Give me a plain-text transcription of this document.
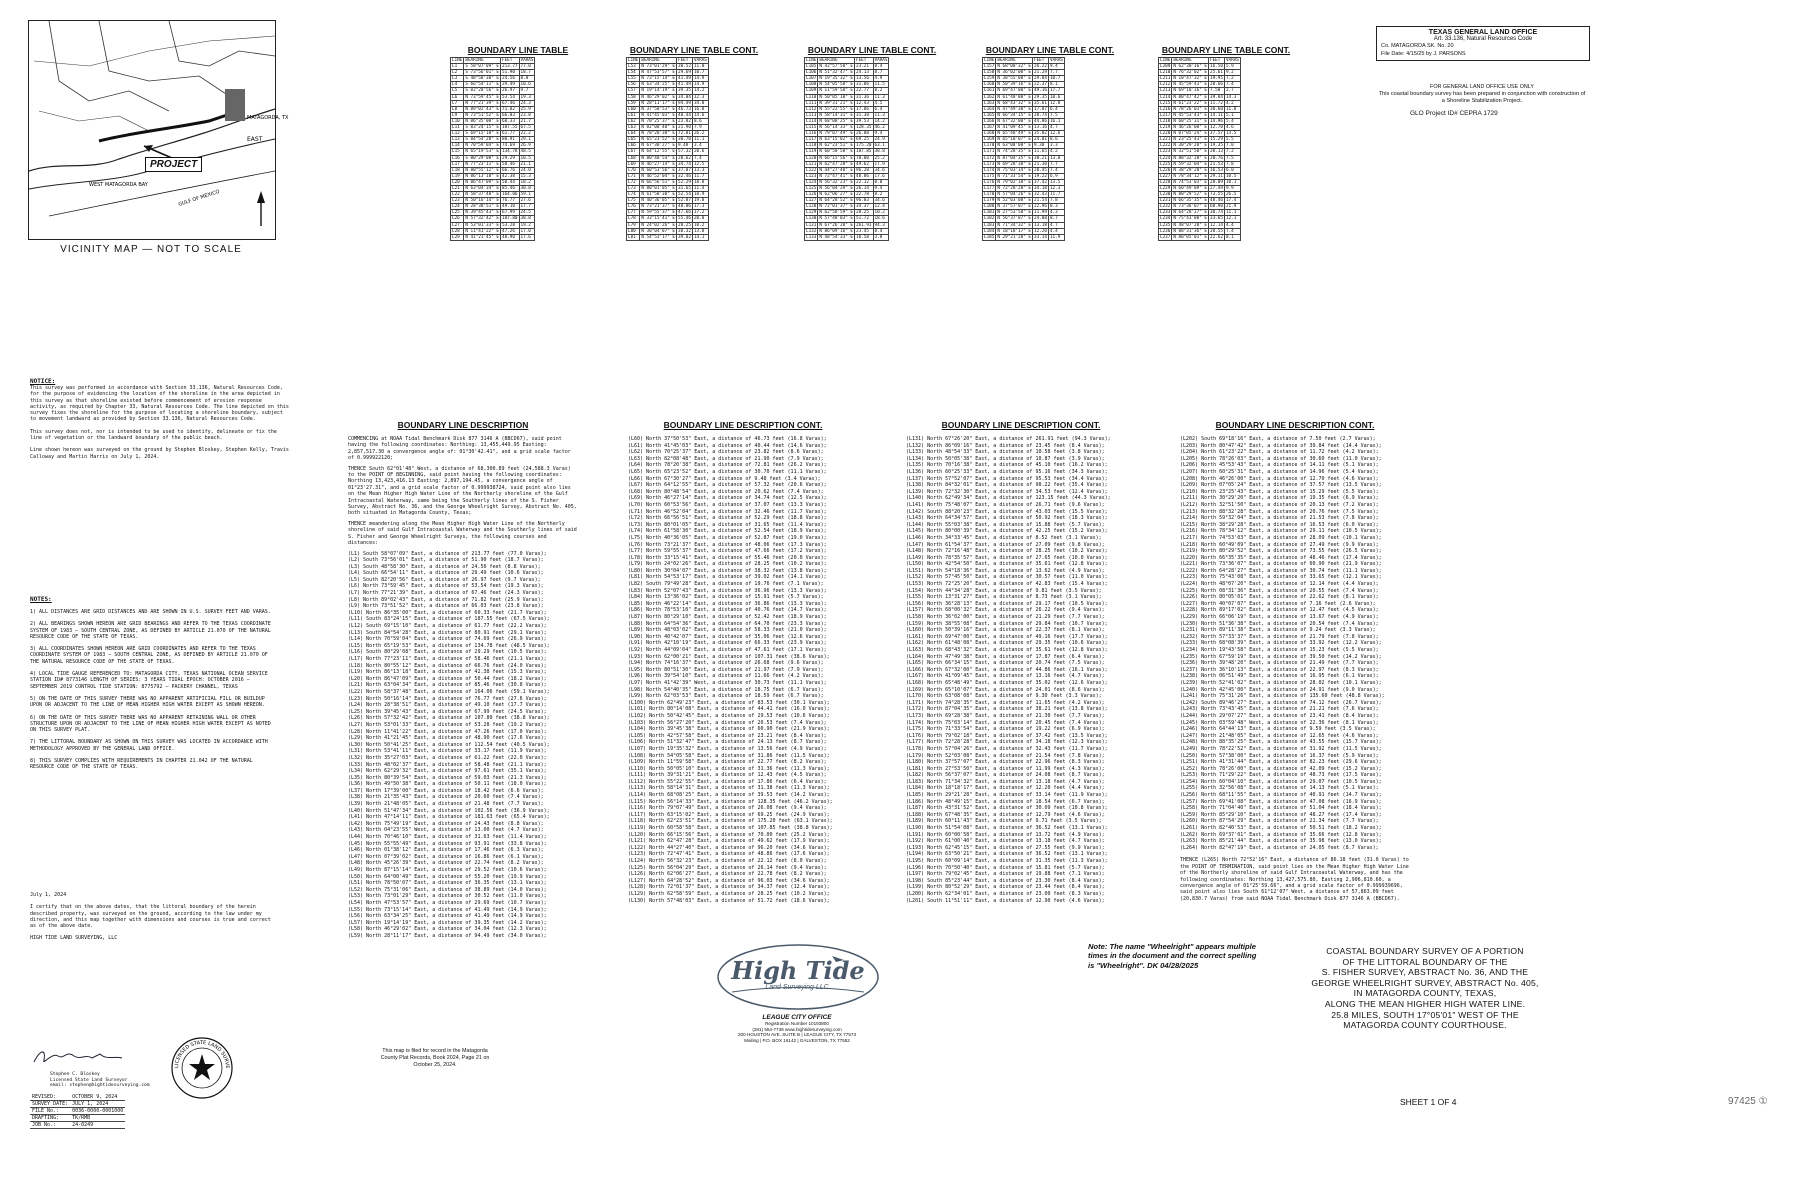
MATAGORDA, TX
EAST
WEST MATAGORDA BAY
GULF OF MEXICO
PROJECT
VICINITY MAP — NOT TO SCALE
NOTICE:

This survey was performed in accordance with Section 33.136, Natural Resources Code, for the purpose of evidencing the location of the shoreline in the area depicted in this survey as that shoreline existed before commencement of erosion response activity, as required by Chapter 33, Natural Resources Code. The line depicted on this survey fixes the shoreline for the purpose of locating a shoreline boundary, subject to movement landward as provided by Section 33.136, Natural Resources Code.

This survey does not, nor is intended to be used to identify, delineate or fix the line of vegetation or the landward boundary of the public beach.

Line shown hereon was surveyed on the ground by Stephen Bloskey, Stephen Kelly, Travis Calloway and Martin Harris on July 1, 2024.

NOTES:

1) ALL DISTANCES ARE GRID DISTANCES AND ARE SHOWN IN U.S. SURVEY FEET AND VARAS.

2) ALL BEARINGS SHOWN HEREON ARE GRID BEARINGS AND REFER TO THE TEXAS COORDINATE SYSTEM OF 1983 — SOUTH CENTRAL ZONE, AS DEFINED BY ARTICLE 21.070 OF THE NATURAL RESOURCE CODE OF THE STATE OF TEXAS.

3) ALL COORDINATES SHOWN HEREON ARE GRID COORDINATES AND REFER TO THE TEXAS COORDINATE SYSTEM OF 1983 — SOUTH CENTRAL ZONE, AS DEFINED BY ARTICLE 21.070 OF THE NATURAL RESOURCE CODE OF THE STATE OF TEXAS.

4) LOCAL TIDE GAUGE REFERENCED TO: MATAGORDA CITY, TEXAS NATIONAL OCEAN SERVICE STATION ID# 8773146 LENGTH OF SERIES: 3 YEARS TIDAL EPOCH: OCTOBER 2016 – SEPTEMBER 2019 CONTROL TIDE STATION: 8775792 – PACKERY CHANNEL, TEXAS

5) ON THE DATE OF THIS SURVEY THERE WAS NO APPARENT ARTIFICIAL FILL OR BUILDUP UPON OR ADJACENT TO THE LINE OF MEAN HIGHER HIGH WATER EXCEPT AS SHOWN HEREON.

6) ON THE DATE OF THIS SURVEY THERE WAS NO APPARENT RETAINING WALL OR OTHER STRUCTURE UPON OR ADJACENT TO THE LINE OF MEAN HIGHER HIGH WATER EXCEPT AS NOTED ON THIS SURVEY PLAT.

7) THE LITTORAL BOUNDARY AS SHOWN ON THIS SURVEY WAS LOCATED IN ACCORDANCE WITH METHODOLOGY APPROVED BY THE GENERAL LAND OFFICE.

8) THIS SURVEY COMPLIES WITH REQUIREMENTS IN CHAPTER 21.042 OF THE NATURAL RESOURCE CODE OF THE STATE OF TEXAS.

July 1, 2024

I certify that on the above dates, that the littoral boundary of the herein described property, was surveyed on the ground, according to the law under my direction, and this map together with dimensions and courses is true and correct as of the above date.

HIGH TIDE LAND SURVEYING, LLC

Stephen C. Bloskey
Licensed State Land Surveyor
email: stephen@hightidesurveying.com
LICENSED STATE LAND SURVE
REVISED:	OCTOBER 9, 2024
SURVEY DATE:	JULY 1, 2024
FILE No.:	0036-0000-0001000
DRAFTING:	TK/RMB
JOB No.:	24-0249
BOUNDARY LINE TABLE
LINE	BEARING	FEET	VARAS
L1	S 58°07'09" E	213.77	77.0
L2	S 73°56'01" E	51.90	18.7
L3	S 48°58'30" E	24.56	8.8
L4	S 66°54'11" E	29.49	10.6
L5	S 82°20'56" E	26.97	9.7
L6	N 73°59'45" E	53.54	19.3
L7	N 77°21'39" E	67.46	24.3
L8	N 89°02'43" E	71.82	25.9
L9	N 73°51'52" E	66.03	23.8
L10	N 86°35'00" E	60.33	21.7
L11	S 83°24'15" E	187.55	67.5
L12	S 69°15'10" E	61.77	22.2
L13	S 84°54'28" E	80.91	29.1
L14	N 70°59'04" E	74.69	26.9
L15	N 65°19'53" E	134.78	48.5
L16	S 80°29'08" E	29.29	10.5
L17	N 77°23'11" E	58.46	21.1
L18	N 80°55'12" E	66.76	24.0
L19	N 86°13'18" E	42.38	15.3
L20	N 86°47'09" E	50.44	18.2
L21	N 63°04'34" E	85.46	30.8
L22	N 58°37'48" E	164.06	59.1
L23	N 50°16'14" E	76.77	27.6
L24	N 28°38'51" E	49.10	17.7
L25	N 39°45'43" E	67.99	24.5
L26	N 57°32'42" E	107.80	38.8
L27	N 53°01'33" E	53.28	19.2
L28	N 11°41'22" E	47.26	17.0
L29	N 41°21'45" E	48.90	17.6
BOUNDARY LINE TABLE CONT.
LINE	BEARING	FEET	VARAS
L53	N 73°01'29" E	30.52	11.0
L54	N 47°53'57" E	29.69	10.7
L55	N 73°15'14" E	41.49	14.9
L56	N 63°34'25" E	41.49	14.9
L57	N 19°14'19" E	39.35	14.2
L58	N 46°29'02" E	34.04	12.3
L59	N 28°11'17" E	94.49	34.0
L60	N 37°50'53" E	46.73	16.8
L61	N 41°45'03" E	40.44	14.6
L62	N 70°25'37" E	23.82	8.6
L63	N 82°08'48" E	21.90	7.9
L64	N 78°20'38" E	72.81	26.2
L65	N 65°23'52" E	30.70	11.1
L66	N 67°30'27" E	9.48	3.4
L67	N 64°12'55" E	57.32	20.6
L68	N 80°48'54" E	20.62	7.4
L69	N 46°27'14" E	34.74	12.5
L70	N 60°53'56" E	37.07	13.3
L71	N 46°52'04" E	32.46	11.7
L72	N 66°56'51" E	52.29	18.8
L73	N 80°01'05" E	31.65	11.4
L74	N 61°58'30" E	52.54	18.9
L75	N 40°36'05" E	52.87	19.0
L76	N 73°21'37" E	48.06	17.3
L77	N 59°55'37" E	47.66	17.2
L78	N 33°15'41" E	55.46	20.0
L79	N 24°02'26" E	28.25	10.2
L80	N 30°04'07" E	38.32	13.8
L81	N 54°53'17" E	39.02	14.1
BOUNDARY LINE TABLE CONT.
LINE	BEARING	FEET	VARAS
L105	N 42°57'58" E	23.21	8.4
L106	N 51°32'47" E	24.13	8.7
L107	N 19°35'32" E	13.56	4.9
L108	N 54°05'58" E	31.86	11.5
L109	N 11°59'58" E	22.77	8.2
L110	N 50°05'10" E	31.36	11.3
L111	N 39°31'21" E	12.43	4.5
L112	N 55°22'55" E	17.86	6.4
L113	N 58°14'31" E	31.38	11.3
L114	N 68°08'25" E	39.53	14.2
L115	N 56°14'33" E	128.35	46.2
L116	N 79°07'49" E	26.08	9.4
L117	N 63°15'02" E	69.25	24.9
L118	N 62°23'51" E	175.20	63.1
L119	N 60°58'58" E	107.85	38.8
L120	N 66°15'56" E	70.00	25.2
L121	N 62°47'28" E	49.62	17.9
L122	N 44°27'40" E	96.20	34.6
L123	N 72°47'41" E	48.86	17.6
L124	N 56°32'23" E	22.12	8.0
L125	N 56°04'29" E	26.14	9.4
L126	N 62°06'27" E	22.78	8.2
L127	N 64°28'52" E	96.03	34.6
L128	N 72°01'37" E	34.37	12.4
L129	N 62°58'59" E	28.25	10.2
L130	N 57°48'03" E	51.72	18.6
L131	N 67°26'20" E	261.91	94.3
L132	N 86°09'16" E	23.45	8.4
L133	N 48°54'33" E	10.58	3.8
BOUNDARY LINE TABLE CONT.
LINE	BEARING	FEET	VARAS
L157	N 68°00'32" E	26.22	9.4
L158	N 36°02'00" E	21.29	7.7
L159	N 38°55'08" E	29.84	10.7
L160	N 50°39'16" E	22.37	8.1
L161	N 69°47'00" E	49.16	17.7
L162	N 61°48'08" E	29.35	10.6
L163	N 68°43'32" E	35.61	12.8
L164	N 47°49'38" E	17.87	6.4
L165	N 66°34'15" E	20.74	7.5
L166	N 67°32'00" E	44.86	16.1
L167	N 41°09'45" E	13.16	4.7
L168	N 65°48'49" E	35.02	12.6
L169	N 65°10'07" E	24.01	8.6
L170	N 63°08'08" E	9.30	3.3
L171	N 74°28'35" E	11.65	4.2
L172	N 87°04'35" E	38.21	13.8
L173	N 69°28'38" E	21.30	7.7
L174	N 75°03'14" E	20.45	7.4
L175	N 71°33'54" E	19.22	6.9
L176	N 79°02'18" E	37.42	13.5
L177	N 72°28'28" E	34.18	12.3
L178	N 57°04'26" E	32.43	11.7
L179	N 52°03'08" E	21.54	7.8
L180	N 37°57'07" E	22.96	8.3
L181	N 27°53'50" E	11.99	4.3
L182	N 56°37'07" E	24.08	8.7
L183	N 71°34'32" E	13.18	4.7
L184	N 18°18'17" E	12.20	4.4
L185	N 29°21'28" E	33.14	11.9
BOUNDARY LINE TABLE CONT.
LINE	BEARING	FEET	VARAS
L209	N 62°30'16" E	16.50	5.9
L210	N 76°32'02" E	25.61	9.2
L211	N 10°47'32" E	19.95	7.2
L212	N 45°59'43" E	20.66	7.4
L213	N 69°18'16" E	7.50	2.7
L214	N 80°47'42" E	39.84	14.3
L215	N 61°23'22" E	11.72	4.2
L216	N 78°26'03" E	30.60	11.0
L217	N 45°53'43" E	14.11	5.1
L218	N 60°25'31" E	14.96	5.4
L219	N 46°26'00" E	12.70	4.6
L220	N 07°05'24" E	37.57	13.5
L221	N 23°25'43" E	15.29	5.5
L222	N 30°29'20" E	19.35	7.0
L223	N 32°51'50" E	20.13	7.2
L224	N 88°32'28" E	20.76	7.5
L225	N 59°32'04" E	21.53	7.8
L226	N 38°29'28" E	16.53	6.0
L227	N 78°34'12" E	29.11	10.5
L228	N 74°53'03" E	28.09	10.1
L229	N 60°49'09" E	27.49	9.9
L230	N 80°29'52" E	73.55	26.5
L231	N 66°35'35" E	48.46	17.4
L232	N 73°36'07" E	60.90	21.9
L233	N 64°28'27" E	30.74	11.1
L234	N 75°43'08" E	33.65	12.1
L235	N 48°07'20" E	12.14	4.4
L236	N 08°31'36" E	20.55	7.4
L237	N 80°05'01" E	22.62	8.1
BOUNDARY LINE DESCRIPTION

COMMENCING at NOAA Tidal Benchmark Disk 877 3146 A (BBCD67), said point having the following coordinates: Northing: 13,455,449.95 Easting: 2,857,517.30 a convergence angle of: 01°30'42.41", and a grid scale factor of 0.999922120;

THENCE South 62°01'48" West, a distance of 68,300.89 feet (24,588.3 Varas) to the POINT OF BEGINNING, said point having the following coordinates: Northing 13,423,416.13 Easting: 2,897,194.45, a convergence angle of 01°23'27.31", and a grid scale factor of 0.999938724, said point also lies on the Mean Higher High Water Line of the Northerly shoreline of the Gulf Intracoastal Waterway, same being the Southerly lines of the S. Fisher Survey, Abstract No. 36, and the George Wheelright Survey, Abstract No. 405, both situated in Matagorda County, Texas;

THENCE meandering along the Mean Higher High Water Line of the Northerly shoreline of said Gulf Intracoastal Waterway and the Southerly lines of said S. Fisher and George Wheelright Surveys, the following courses and distances:

(L1) South 58°07'09" East, a distance of 213.77 feet (77.0 Varas);
(L2) South 73°56'01" East, a distance of 51.90 feet (18.7 Varas);
(L3) South 48°58'30" East, a distance of 24.56 feet (8.8 Varas);
(L4) South 66°54'11" East, a distance of 29.49 feet (10.6 Varas);
(L5) South 82°20'56" East, a distance of 26.97 feet (9.7 Varas);
(L6) North 73°59'45" East, a distance of 53.54 feet (19.3 Varas);
(L7) North 77°21'39" East, a distance of 67.46 feet (24.3 Varas);
(L8) North 89°02'43" East, a distance of 71.82 feet (25.9 Varas);
(L9) North 73°51'52" East, a distance of 66.03 feet (23.8 Varas);
(L10) North 86°35'00" East, a distance of 60.33 feet (21.7 Varas);
(L11) South 83°24'15" East, a distance of 187.55 feet (67.5 Varas);
(L12) South 69°15'10" East, a distance of 61.77 feet (22.2 Varas);
(L13) South 84°54'28" East, a distance of 80.91 feet (29.1 Varas);
(L14) North 70°59'04" East, a distance of 74.69 feet (26.9 Varas);
(L15) North 65°19'53" East, a distance of 134.78 feet (48.5 Varas);
(L16) South 80°29'08" East, a distance of 29.29 feet (10.5 Varas);
(L17) North 77°23'11" East, a distance of 58.46 feet (21.1 Varas);
(L18) North 80°55'12" East, a distance of 66.76 feet (24.0 Varas);
(L19) North 86°13'18" East, a distance of 42.38 feet (15.3 Varas);
(L20) North 86°47'09" East, a distance of 50.44 feet (18.2 Varas);
(L21) North 63°04'34" East, a distance of 85.46 feet (30.8 Varas);
(L22) North 58°37'48" East, a distance of 164.06 feet (59.1 Varas);
(L23) North 50°16'14" East, a distance of 76.77 feet (27.6 Varas);
(L24) North 28°38'51" East, a distance of 49.10 feet (17.7 Varas);
(L25) North 39°45'43" East, a distance of 67.99 feet (24.5 Varas);
(L26) North 57°32'42" East, a distance of 107.80 feet (38.8 Varas);
(L27) North 53°01'33" East, a distance of 53.28 feet (19.2 Varas);
(L28) North 11°41'22" East, a distance of 47.26 feet (17.0 Varas);
(L29) North 41°21'45" East, a distance of 48.90 feet (17.6 Varas);
(L30) North 50°41'25" East, a distance of 112.54 feet (40.5 Varas);
(L31) North 53°41'11" East, a distance of 33.17 feet (11.9 Varas);
(L32) North 35°27'03" East, a distance of 61.22 feet (22.0 Varas);
(L33) North 48°02'37" East, a distance of 58.48 feet (21.1 Varas);
(L34) North 62°29'32" East, a distance of 97.61 feet (35.1 Varas);
(L35) North 80°39'54" East, a distance of 59.03 feet (21.3 Varas);
(L36) North 49°50'38" East, a distance of 50.11 feet (18.0 Varas);
(L37) North 17°39'00" East, a distance of 18.42 feet (6.6 Varas);
(L38) North 21°35'43" East, a distance of 20.60 feet (7.4 Varas);
(L39) North 21°48'05" East, a distance of 21.48 feet (7.7 Varas);
(L40) North 51°47'34" East, a distance of 102.56 feet (36.9 Varas);
(L41) North 47°14'11" East, a distance of 181.63 feet (65.4 Varas);
(L42) North 75°49'19" East, a distance of 24.43 feet (8.8 Varas);
(L43) North 04°23'55" West, a distance of 13.00 feet (4.7 Varas);
(L44) North 70°46'10" East, a distance of 31.63 feet (11.4 Varas);
(L45) North 55°55'49" East, a distance of 93.91 feet (33.8 Varas);
(L46) North 01°38'12" East, a distance of 17.46 feet (6.3 Varas);
(L47) North 07°39'02" East, a distance of 16.86 feet (6.1 Varas);
(L48) North 45°26'39" East, a distance of 22.74 feet (8.2 Varas);
(L49) North 87°15'14" East, a distance of 29.52 feet (10.6 Varas);
(L50) North 64°00'49" East, a distance of 55.20 feet (19.9 Varas);
(L51) North 78°50'07" East, a distance of 36.35 feet (13.1 Varas);
(L52) North 75°31'06" East, a distance of 38.89 feet (14.0 Varas);
(L53) North 73°01'29" East, a distance of 30.52 feet (11.0 Varas);
(L54) North 47°53'57" East, a distance of 29.69 feet (10.7 Varas);
(L55) North 73°15'14" East, a distance of 41.49 feet (14.9 Varas);
(L56) North 63°34'25" East, a distance of 41.49 feet (14.9 Varas);
(L57) North 19°14'19" East, a distance of 39.35 feet (14.2 Varas);
(L58) North 46°29'02" East, a distance of 34.04 feet (12.3 Varas);
(L59) North 28°11'17" East, a distance of 94.49 feet (34.0 Varas);
BOUNDARY LINE DESCRIPTION CONT.
(L60) North 37°50'53" East, a distance of 46.73 feet (16.8 Varas);
(L61) North 41°45'03" East, a distance of 40.44 feet (14.6 Varas);
(L62) North 70°25'37" East, a distance of 23.82 feet (8.6 Varas);
(L63) North 82°08'48" East, a distance of 21.90 feet (7.9 Varas);
(L64) North 78°20'38" East, a distance of 72.81 feet (26.2 Varas);
(L65) North 65°23'52" East, a distance of 30.70 feet (11.1 Varas);
(L66) North 67°30'27" East, a distance of 9.48 feet (3.4 Varas);
(L67) North 64°12'55" East, a distance of 57.32 feet (20.6 Varas);
(L68) North 80°48'54" East, a distance of 20.62 feet (7.4 Varas);
(L69) North 46°27'14" East, a distance of 34.74 feet (12.5 Varas);
(L70) North 60°53'56" East, a distance of 37.07 feet (13.3 Varas);
(L71) North 46°52'04" East, a distance of 32.46 feet (11.7 Varas);
(L72) North 66°56'51" East, a distance of 52.29 feet (18.8 Varas);
(L73) North 80°01'05" East, a distance of 31.65 feet (11.4 Varas);
(L74) North 61°58'30" East, a distance of 52.54 feet (18.9 Varas);
(L75) North 40°36'05" East, a distance of 52.87 feet (19.0 Varas);
(L76) North 73°21'37" East, a distance of 48.06 feet (17.3 Varas);
(L77) North 59°55'37" East, a distance of 47.66 feet (17.2 Varas);
(L78) North 33°15'41" East, a distance of 55.46 feet (20.0 Varas);
(L79) North 24°02'26" East, a distance of 28.25 feet (10.2 Varas);
(L80) North 30°04'07" East, a distance of 38.32 feet (13.8 Varas);
(L81) North 54°53'17" East, a distance of 39.02 feet (14.1 Varas);
(L82) South 79°49'28" East, a distance of 19.76 feet (7.1 Varas);
(L83) North 52°07'43" East, a distance of 36.96 feet (13.3 Varas);
(L84) North 13°36'02" East, a distance of 15.91 feet (5.7 Varas);
(L85) North 46°22'14" East, a distance of 36.86 feet (13.3 Varas);
(L86) North 78°53'10" East, a distance of 40.76 feet (14.7 Varas);
(L87) North 80°29'10" East, a distance of 52.42 feet (18.9 Varas);
(L88) North 64°54'36" East, a distance of 64.70 feet (23.3 Varas);
(L89) North 48°03'02" East, a distance of 58.33 feet (21.0 Varas);
(L90) North 40°42'07" East, a distance of 35.06 feet (12.6 Varas);
(L91) North 42°10'19" East, a distance of 66.33 feet (23.9 Varas);
(L92) North 44°09'04" East, a distance of 47.61 feet (17.1 Varas);
(L93) North 62°00'21" East, a distance of 107.31 feet (38.6 Varas);
(L94) North 74°16'37" East, a distance of 26.68 feet (9.6 Varas);
(L95) North 80°51'30" East, a distance of 21.97 feet (7.9 Varas);
(L96) North 39°54'10" East, a distance of 11.66 feet (4.2 Varas);
(L97) North 41°42'39" West, a distance of 30.73 feet (11.1 Varas);
(L98) North 54°40'35" East, a distance of 18.75 feet (6.7 Varas);
(L99) North 62°03'53" East, a distance of 18.59 feet (6.7 Varas);
(L100) North 62°49'23" East, a distance of 83.53 feet (30.1 Varas);
(L101) North 80°14'08" East, a distance of 44.41 feet (16.0 Varas);
(L102) North 50°42'45" East, a distance of 29.53 feet (10.6 Varas);
(L103) North 56°27'20" East, a distance of 20.53 feet (7.4 Varas);
(L104) North 39°45'38" East, a distance of 60.90 feet (21.9 Varas);
(L105) North 42°57'58" East, a distance of 23.21 feet (8.4 Varas);
(L106) North 51°32'47" East, a distance of 24.13 feet (8.7 Varas);
(L107) North 19°35'32" East, a distance of 13.56 feet (4.9 Varas);
(L108) North 54°05'58" East, a distance of 31.86 feet (11.5 Varas);
(L109) North 11°59'58" East, a distance of 22.77 feet (8.2 Varas);
(L110) North 50°05'10" East, a distance of 31.36 feet (11.3 Varas);
(L111) North 39°31'21" East, a distance of 12.43 feet (4.5 Varas);
(L112) North 55°22'55" East, a distance of 17.86 feet (6.4 Varas);
(L113) North 58°14'31" East, a distance of 31.38 feet (11.3 Varas);
(L114) North 68°08'25" East, a distance of 39.53 feet (14.2 Varas);
(L115) North 56°14'33" East, a distance of 128.35 feet (46.2 Varas);
(L116) North 79°07'49" East, a distance of 26.08 feet (9.4 Varas);
(L117) North 63°15'02" East, a distance of 69.25 feet (24.9 Varas);
(L118) North 62°23'51" East, a distance of 175.20 feet (63.1 Varas);
(L119) North 60°58'58" East, a distance of 107.85 feet (38.8 Varas);
(L120) North 66°15'56" East, a distance of 70.00 feet (25.2 Varas);
(L121) North 62°47'28" East, a distance of 49.62 feet (17.9 Varas);
(L122) North 44°27'40" East, a distance of 96.20 feet (34.6 Varas);
(L123) North 72°47'41" East, a distance of 48.86 feet (17.6 Varas);
(L124) North 56°32'23" East, a distance of 22.12 feet (8.0 Varas);
(L125) North 56°04'29" East, a distance of 26.14 feet (9.4 Varas);
(L126) North 62°06'27" East, a distance of 22.78 feet (8.2 Varas);
(L127) North 64°28'52" East, a distance of 96.03 feet (34.6 Varas);
(L128) North 72°01'37" East, a distance of 34.37 feet (12.4 Varas);
(L129) North 62°58'59" East, a distance of 28.25 feet (10.2 Varas);
(L130) North 57°48'03" East, a distance of 51.72 feet (18.6 Varas);
BOUNDARY LINE DESCRIPTION CONT.
(L131) North 67°26'20" East, a distance of 261.91 feet (94.3 Varas);
(L132) North 86°09'16" East, a distance of 23.45 feet (8.4 Varas);
(L133) North 48°54'33" East, a distance of 10.58 feet (3.8 Varas);
(L134) North 50°05'38" East, a distance of 10.87 feet (3.9 Varas);
(L135) North 70°16'38" East, a distance of 45.10 feet (16.2 Varas);
(L136) North 60°25'33" East, a distance of 95.16 feet (34.3 Varas);
(L137) North 57°52'07" East, a distance of 95.53 feet (34.4 Varas);
(L138) North 84°32'01" East, a distance of 98.22 feet (35.4 Varas);
(L139) North 72°32'30" East, a distance of 34.53 feet (12.4 Varas);
(L140) North 62°49'34" East, a distance of 123.15 feet (44.3 Varas);
(L141) North 75°48'07" East, a distance of 26.71 feet (9.6 Varas);
(L142) South 88°20'23" East, a distance of 43.03 feet (15.5 Varas);
(L143) North 64°34'57" East, a distance of 50.92 feet (18.3 Varas);
(L144) North 55°03'38" East, a distance of 15.88 feet (5.7 Varas);
(L145) North 80°00'39" East, a distance of 42.25 feet (15.2 Varas);
(L146) North 34°33'45" East, a distance of 8.52 feet (3.1 Varas);
(L147) North 61°54'37" East, a distance of 27.09 feet (9.8 Varas);
(L148) North 72°16'48" East, a distance of 28.25 feet (10.2 Varas);
(L149) North 78°35'57" East, a distance of 27.65 feet (10.0 Varas);
(L150) North 42°54'50" East, a distance of 35.61 feet (12.8 Varas);
(L151) North 54°18'36" East, a distance of 13.62 feet (4.9 Varas);
(L152) North 57°45'50" East, a distance of 30.57 feet (11.0 Varas);
(L153) North 72°25'20" East, a distance of 42.83 feet (15.4 Varas);
(L154) North 44°34'28" East, a distance of 9.81 feet (3.5 Varas);
(L155) North 13°31'27" East, a distance of 8.73 feet (3.1 Varas);
(L156) North 36°28'13" East, a distance of 29.17 feet (10.5 Varas);
(L157) North 68°00'32" East, a distance of 26.22 feet (9.4 Varas);
(L158) North 36°02'00" East, a distance of 21.29 feet (7.7 Varas);
(L159) North 38°55'08" East, a distance of 29.84 feet (10.7 Varas);
(L160) North 50°39'16" East, a distance of 22.37 feet (8.1 Varas);
(L161) North 69°47'00" East, a distance of 49.16 feet (17.7 Varas);
(L162) North 61°48'08" East, a distance of 29.35 feet (10.6 Varas);
(L163) North 68°43'32" East, a distance of 35.61 feet (12.8 Varas);
(L164) North 47°49'38" East, a distance of 17.87 feet (6.4 Varas);
(L165) North 66°34'15" East, a distance of 20.74 feet (7.5 Varas);
(L166) North 67°32'00" East, a distance of 44.86 feet (16.1 Varas);
(L167) North 41°09'45" East, a distance of 13.16 feet (4.7 Varas);
(L168) North 65°48'49" East, a distance of 35.02 feet (12.6 Varas);
(L169) North 65°10'07" East, a distance of 24.01 feet (8.6 Varas);
(L170) North 63°08'08" East, a distance of 9.30 feet (3.3 Varas);
(L171) North 74°28'35" East, a distance of 11.65 feet (4.2 Varas);
(L172) North 87°04'35" East, a distance of 38.21 feet (13.8 Varas);
(L173) North 69°28'38" East, a distance of 21.30 feet (7.7 Varas);
(L174) North 75°03'14" East, a distance of 20.45 feet (7.4 Varas);
(L175) North 71°33'54" East, a distance of 19.22 feet (6.9 Varas);
(L176) North 79°02'18" East, a distance of 37.42 feet (13.5 Varas);
(L177) North 72°28'28" East, a distance of 34.18 feet (12.3 Varas);
(L178) North 57°04'26" East, a distance of 32.43 feet (11.7 Varas);
(L179) North 52°03'08" East, a distance of 21.54 feet (7.8 Varas);
(L180) North 37°57'07" East, a distance of 22.96 feet (8.3 Varas);
(L181) North 27°53'50" East, a distance of 11.99 feet (4.3 Varas);
(L182) North 56°37'07" East, a distance of 24.08 feet (8.7 Varas);
(L183) North 71°34'32" East, a distance of 13.18 feet (4.7 Varas);
(L184) North 18°18'17" East, a distance of 12.20 feet (4.4 Varas);
(L185) North 29°21'28" East, a distance of 33.14 feet (11.9 Varas);
(L186) North 48°49'15" East, a distance of 18.54 feet (6.7 Varas);
(L187) North 43°31'52" East, a distance of 30.09 feet (10.8 Varas);
(L188) North 67°48'35" East, a distance of 12.79 feet (4.6 Varas);
(L189) North 60°11'43" East, a distance of 9.71 feet (3.5 Varas);
(L190) North 51°54'08" East, a distance of 36.52 feet (13.1 Varas);
(L191) North 60°00'58" East, a distance of 13.72 feet (4.9 Varas);
(L192) North 61°00'40" East, a distance of 13.18 feet (4.7 Varas);
(L193) North 62°45'15" East, a distance of 27.55 feet (9.9 Varas);
(L194) North 63°50'21" East, a distance of 36.52 feet (13.1 Varas);
(L195) North 60°09'14" East, a distance of 31.35 feet (11.3 Varas);
(L196) North 70°50'40" East, a distance of 15.81 feet (5.7 Varas);
(L197) North 79°02'45" East, a distance of 19.88 feet (7.1 Varas);
(L198) South 85°23'44" East, a distance of 23.30 feet (8.4 Varas);
(L199) North 80°52'29" East, a distance of 23.44 feet (8.4 Varas);
(L200) North 62°34'01" East, a distance of 23.00 feet (8.3 Varas);
(L201) South 11°51'11" East, a distance of 12.90 feet (4.6 Varas);
BOUNDARY LINE DESCRIPTION CONT.
(L202) South 69°18'16" East, a distance of 7.50 feet (2.7 Varas);
(L203) North 80°47'42" East, a distance of 39.84 feet (14.4 Varas);
(L204) North 61°23'22" East, a distance of 11.72 feet (4.2 Varas);
(L205) North 78°26'03" East, a distance of 30.60 feet (11.0 Varas);
(L206) North 45°53'43" East, a distance of 14.11 feet (5.1 Varas);
(L207) North 60°25'31" East, a distance of 14.96 feet (5.4 Varas);
(L208) North 46°26'00" East, a distance of 12.70 feet (4.6 Varas);
(L209) North 07°05'24" East, a distance of 37.57 feet (13.5 Varas);
(L210) North 23°25'43" East, a distance of 15.29 feet (5.5 Varas);
(L211) North 30°29'20" East, a distance of 19.35 feet (6.9 Varas);
(L212) North 32°51'50" East, a distance of 20.13 feet (7.2 Varas);
(L213) North 88°32'28" East, a distance of 20.76 feet (7.5 Varas);
(L214) North 59°32'04" East, a distance of 21.53 feet (7.8 Varas);
(L215) North 38°29'28" East, a distance of 16.53 feet (6.0 Varas);
(L216) North 78°34'12" East, a distance of 29.11 feet (10.5 Varas);
(L217) North 74°53'03" East, a distance of 28.09 feet (10.1 Varas);
(L218) North 60°49'09" East, a distance of 27.49 feet (9.9 Varas);
(L219) North 80°29'52" East, a distance of 73.55 feet (26.5 Varas);
(L220) North 66°35'35" East, a distance of 48.46 feet (17.4 Varas);
(L221) North 73°36'07" East, a distance of 60.90 feet (21.9 Varas);
(L222) North 64°28'27" East, a distance of 30.74 feet (11.1 Varas);
(L223) North 75°43'08" East, a distance of 33.65 feet (12.1 Varas);
(L224) North 48°07'20" East, a distance of 12.14 feet (4.4 Varas);
(L225) North 08°31'36" East, a distance of 20.55 feet (7.4 Varas);
(L226) North 80°05'01" East, a distance of 22.62 feet (8.1 Varas);
(L227) North 40°07'07" East, a distance of 7.16 feet (2.6 Varas);
(L228) North 89°17'02" East, a distance of 12.47 feet (4.5 Varas);
(L229) North 66°06'19" East, a distance of 13.67 feet (4.9 Varas);
(L230) North 51°36'38" East, a distance of 20.54 feet (7.4 Varas);
(L231) North 89°11'38" East, a distance of 9.24 feet (3.3 Varas);
(L232) North 57°33'37" East, a distance of 21.79 feet (7.8 Varas);
(L233) North 68°08'39" East, a distance of 33.92 feet (12.2 Varas);
(L234) North 19°43'58" East, a distance of 15.23 feet (5.5 Varas);
(L235) North 67°59'19" East, a distance of 39.50 feet (14.2 Varas);
(L236) North 39°48'20" East, a distance of 21.49 feet (7.7 Varas);
(L237) North 36°10'13" East, a distance of 22.97 feet (8.3 Varas);
(L238) North 06°51'49" East, a distance of 16.95 feet (6.1 Varas);
(L239) North 52°41'02" East, a distance of 28.02 feet (10.1 Varas);
(L240) North 42°45'00" East, a distance of 24.91 feet (9.0 Varas);
(L241) North 75°31'26" East, a distance of 135.60 feet (48.8 Varas);
(L242) South 89°46'27" East, a distance of 74.12 feet (26.7 Varas);
(L243) North 73°43'45" East, a distance of 21.21 feet (7.6 Varas);
(L244) North 29°07'27" East, a distance of 23.41 feet (8.4 Varas);
(L245) North 03°59'48" West, a distance of 22.36 feet (8.1 Varas);
(L246) North 64°44'13" East, a distance of 9.59 feet (3.5 Varas);
(L247) North 21°48'05" East, a distance of 12.65 feet (4.6 Varas);
(L248) North 88°35'25" East, a distance of 43.55 feet (15.7 Varas);
(L249) North 78°22'52" East, a distance of 31.92 feet (11.5 Varas);
(L250) North 57°38'00" East, a distance of 16.37 feet (5.9 Varas);
(L251) North 41°31'44" East, a distance of 82.23 feet (29.6 Varas);
(L252) North 78°26'00" East, a distance of 42.09 feet (15.2 Varas);
(L253) North 71°29'22" East, a distance of 48.73 feet (17.5 Varas);
(L254) North 60°04'10" East, a distance of 29.07 feet (10.5 Varas);
(L255) North 32°56'08" East, a distance of 14.13 feet (5.1 Varas);
(L256) North 68°11'55" East, a distance of 40.91 feet (14.7 Varas);
(L257) North 69°41'08" East, a distance of 47.08 feet (16.9 Varas);
(L258) North 71°04'40" East, a distance of 51.04 feet (18.4 Varas);
(L259) North 85°29'10" East, a distance of 48.27 feet (17.4 Varas);
(L260) North 87°54'29" East, a distance of 21.34 feet (7.7 Varas);
(L261) North 82°40'53" East, a distance of 50.51 feet (18.2 Varas);
(L262) North 69°37'01" East, a distance of 35.66 feet (12.8 Varas);
(L263) North 85°21'44" East, a distance of 35.98 feet (13.0 Varas);
(L264) North 82°47'19" East, a distance of 24.05 feet (8.7 Varas);

THENCE (L265) North 72°52'16" East, a distance of 86.18 feet (31.0 Varas) to the POINT OF TERMINATION, said point lies on the Mean Higher High Water Line of the Northerly shoreline of said Gulf Intracoastal Waterway, and has the following coordinates: Northing 13,427,575.80, Easting 2,906,810.60, a convergence angle of 01°25'59.66", and a grid scale factor of 0.999939696, said point also lies South 61°12'07" West, a distance of 57,863.09 feet (20,830.7 Varas) from said NOAA Tidal Benchmark Disk 877 3146 A (BBCD67).

TEXAS GENERAL LAND OFFICE
Art. 33.136, Natural Resources Code
Co. MATAGORDA SK. No. 20
File Date: 4/15/25 by J. PARSONS
FOR GENERAL LAND OFFICE USE ONLY
This coastal boundary survey has been prepared in conjunction with construction of a Shoreline Stabilization Project.
GLO Project ID# CEPRA 1729
Note: The name "Wheelright" appears multiple times in the document and the correct spelling is "Wheelright". DK 04/28/2025
High Tide
Land Surveying LLC.
LEAGUE CITY OFFICE
Registration Number 10193800
(281) 554-7739 www.hightidesurveying.com
200 HOUSTON AVE. SUITE B | LEAGUE CITY, TX 77573
Mailing | P.O. BOX 16142 | GALVESTON, TX 77552
This map is filed for record in the Matagorda County Plat Records, Book 2024, Page 21 on October 25, 2024.
COASTAL BOUNDARY SURVEY OF A PORTION
OF THE LITTORAL BOUNDARY OF THE
S. FISHER SURVEY, ABSTRACT No. 36, AND THE
GEORGE WHEELRIGHT SURVEY, ABSTRACT No. 405,
IN MATAGORDA COUNTY, TEXAS,
ALONG THE MEAN HIGHER HIGH WATER LINE.
25.8 MILES, SOUTH 17°05'01" WEST OF THE
MATAGORDA COUNTY COURTHOUSE.
SHEET 1 OF 4	97425 ①
